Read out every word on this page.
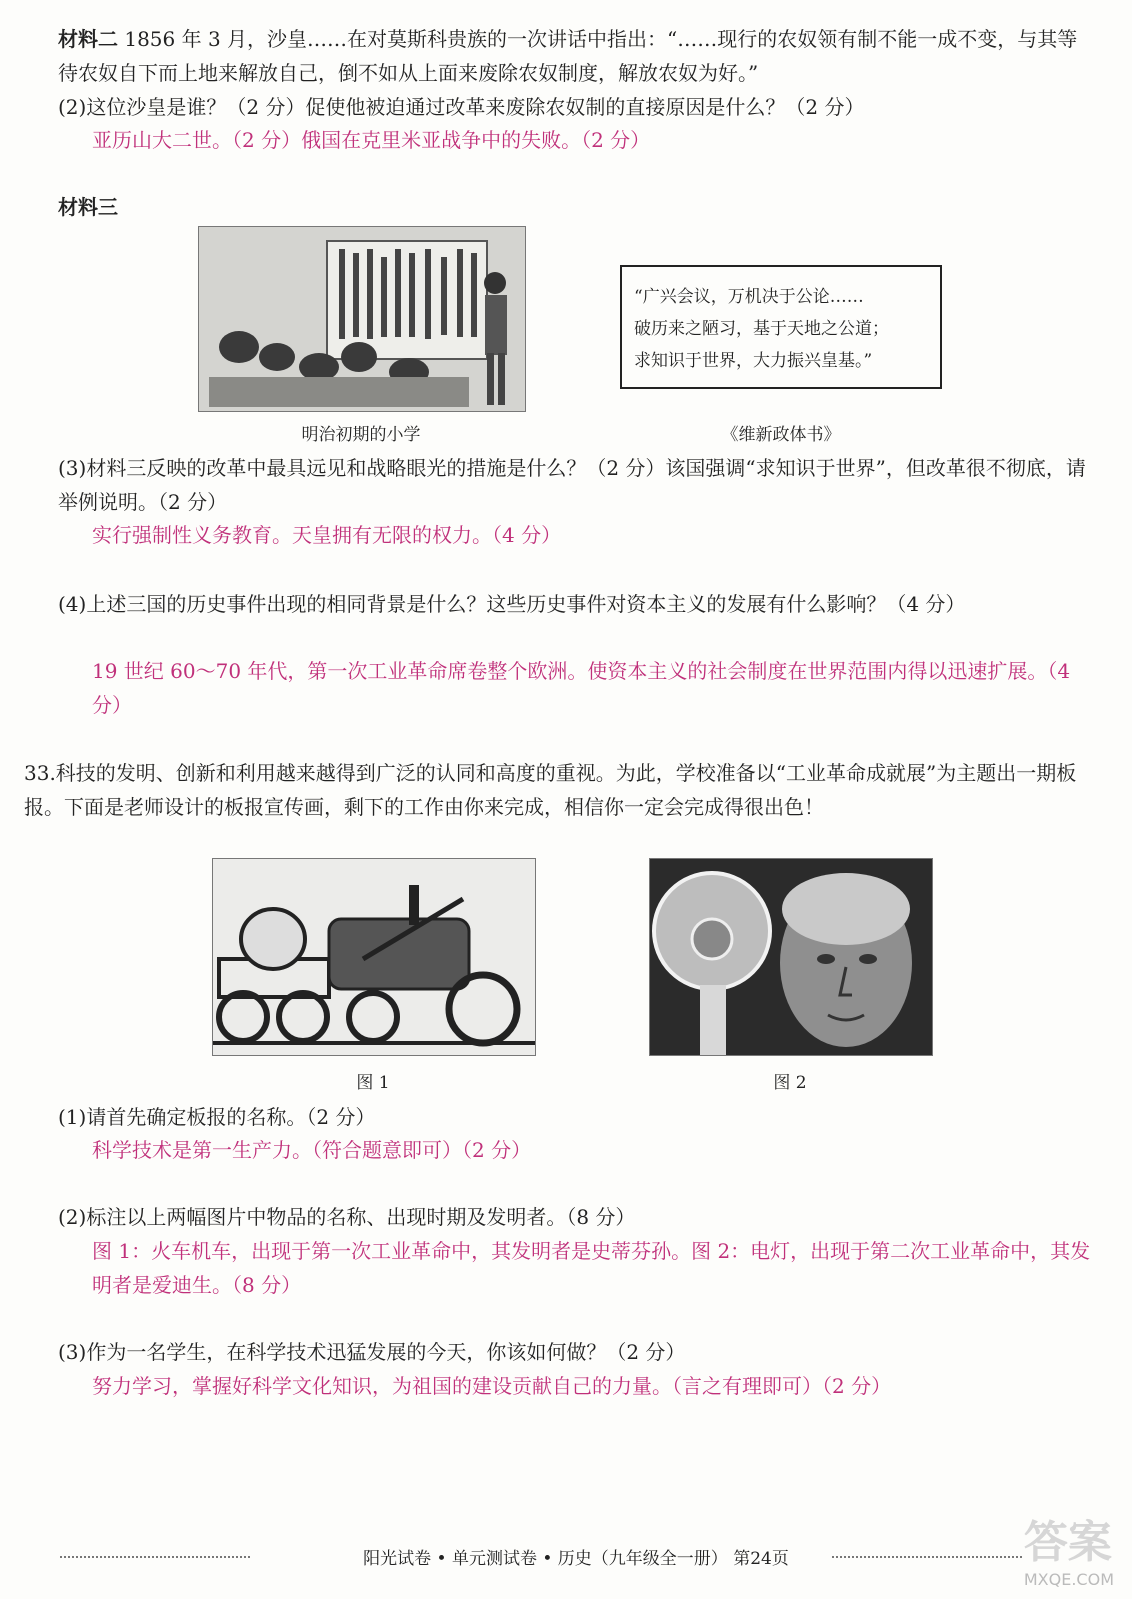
材料二 1856 年 3 月，沙皇……在对莫斯科贵族的一次讲话中指出：“……现行的农奴领有制不能一成不变，与其等待农奴自下而上地来解放自己，倒不如从上面来废除农奴制度，解放农奴为好。”

(2)这位沙皇是谁？（2 分）促使他被迫通过改革来废除农奴制的直接原因是什么？（2 分）

亚历山大二世。（2 分）俄国在克里米亚战争中的失败。（2 分）

材料三

明治初期的小学
“广兴会议，万机决于公论……
破历来之陋习，基于天地之公道；
求知识于世界，大力振兴皇基。”
《维新政体书》

(3)材料三反映的改革中最具远见和战略眼光的措施是什么？（2 分）该国强调“求知识于世界”，但改革很不彻底，请举例说明。（2 分）

实行强制性义务教育。天皇拥有无限的权力。（4 分）

(4)上述三国的历史事件出现的相同背景是什么？这些历史事件对资本主义的发展有什么影响？（4 分）

19 世纪 60～70 年代，第一次工业革命席卷整个欧洲。使资本主义的社会制度在世界范围内得以迅速扩展。（4 分）

33.科技的发明、创新和利用越来越得到广泛的认同和高度的重视。为此，学校准备以“工业革命成就展”为主题出一期板报。下面是老师设计的板报宣传画，剩下的工作由你来完成，相信你一定会完成得很出色！

图 1	图 2

(1)请首先确定板报的名称。（2 分）

科学技术是第一生产力。（符合题意即可）（2 分）

(2)标注以上两幅图片中物品的名称、出现时期及发明者。（8 分）

图 1：火车机车，出现于第一次工业革命中，其发明者是史蒂芬孙。图 2：电灯，出现于第二次工业革命中，其发明者是爱迪生。（8 分）

(3)作为一名学生，在科学技术迅猛发展的今天，你该如何做？（2 分）

努力学习，掌握好科学文化知识，为祖国的建设贡献自己的力量。（言之有理即可）（2 分）

阳光试卷 • 单元测试卷 • 历史（九年级全一册） 第24页	答案
MXQE.COM
